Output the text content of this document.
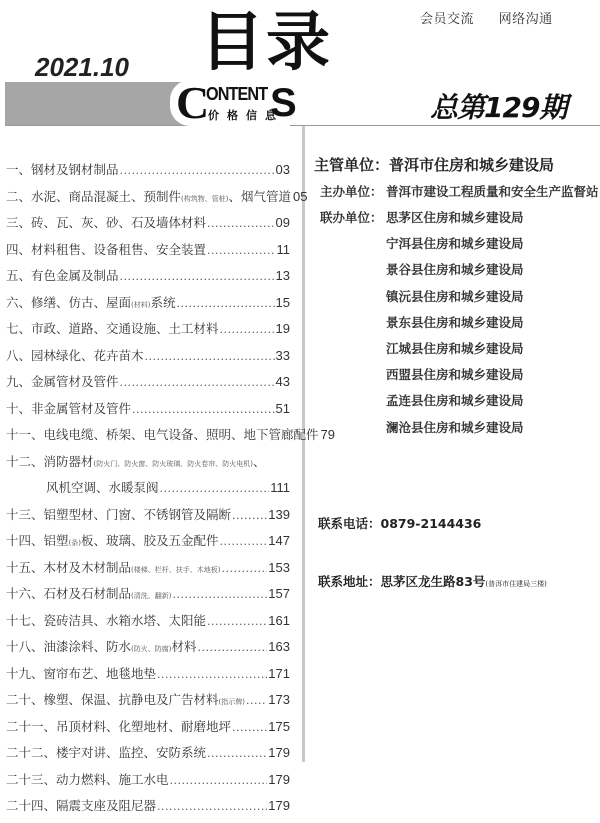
会员交流 网络沟通
目录
2021.10
C
ONTENT S
价格信息	总第129期
一、钢材及钢材制品 .....	03
二、水泥、商品混凝土、预制件 (构筑物、管桩) 、烟气管道 05
三、砖、瓦、灰、砂、石及墙体材料 .....	09
四、材料租售、设备租售、安全装置 .....	11
五、有色金属及制品 .....	13
六、修缮、仿古、屋面 (材料) 系统 .....	15
七、市政、道路、交通设施、土工材料 .....	19
八、园林绿化、花卉苗木 .....	33
九、金属管材及管件 .....	43
十、非金属管材及管件 .....	51
十一、电线电缆、桥架、电气设备、照明、地下管廊配件 79
十二、消防器材 (防火门、防火窗、防火玻璃、防火卷帘、防火电机) 、
风机空调、水暖泵阀 .....	111
十三、铝塑型材、门窗、不锈钢管及隔断 .....	139
十四、铝塑 (条) 板、玻璃、胶及五金配件 .....	147
十五、木材及木材制品 (楼梯、栏杆、扶手、木地板) .....	153
十六、石材及石材制品 (清洗、翻新) .....	157
十七、瓷砖洁具、水箱水塔、太阳能 .....	161
十八、油漆涂料、防水 (防火、防腐) 材料 .....	163
十九、窗帘布艺、地毯地垫 .....	171
二十、橡塑、保温、抗静电及广告材料 (指示牌) ..... 173
二十一、吊顶材料、化塑地材、耐磨地坪 .....	175
二十二、楼宇对讲、监控、安防系统 .....	179
二十三、动力燃料、施工水电 .....	179
二十四、隔震支座及阻尼器 .....	179
主管单位：普洱市住房和城乡建设局
主办单位： 普洱市建设工程质量和安全生产监督站
联办单位： 思茅区住房和城乡建设局
宁洱县住房和城乡建设局
景谷县住房和城乡建设局
镇沅县住房和城乡建设局
景东县住房和城乡建设局
江城县住房和城乡建设局
西盟县住房和城乡建设局
孟连县住房和城乡建设局
澜沧县住房和城乡建设局
联系电话：0879-2144436
联系地址：思茅区龙生路83号(普洱市住建局三楼)
